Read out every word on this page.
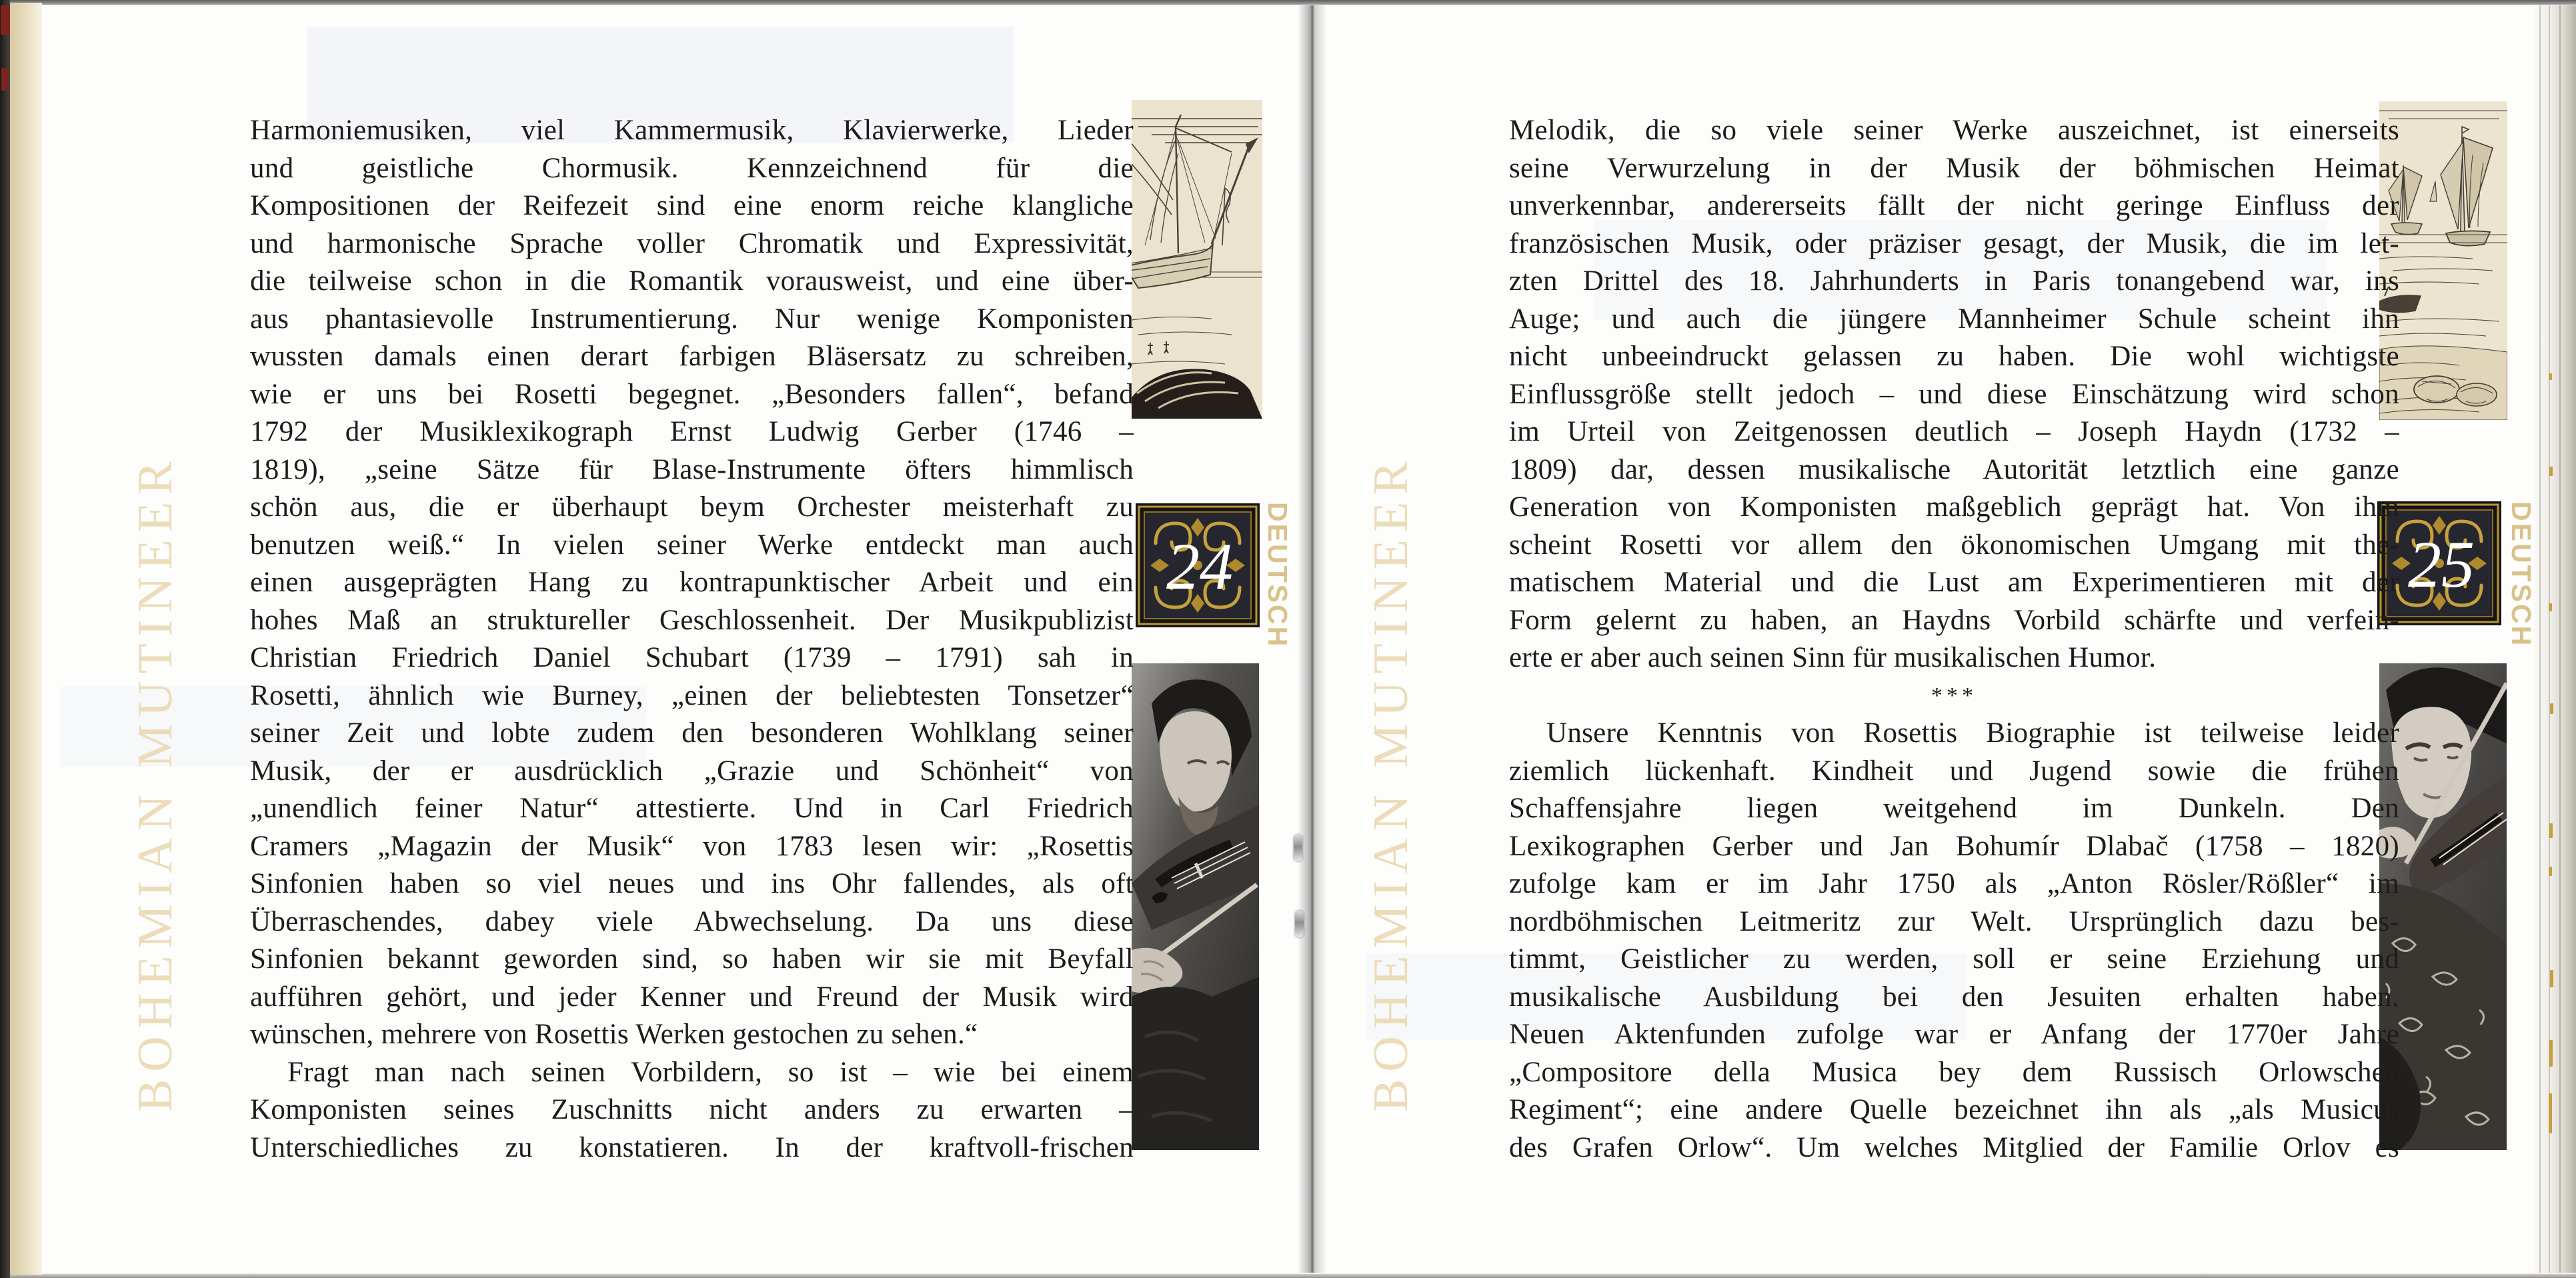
BOHEMIAN MUTINEER	BOHEMIAN MUTINEER
24 DEUTSCH	25 DEUTSCH
Harmoniemusiken, viel Kammermusik, Klavierwerke, Lieder
und geistliche Chormusik. Kennzeichnend für die
Kompositionen der Reifezeit sind eine enorm reiche klangliche
und harmonische Sprache voller Chromatik und Expressivität,
die teilweise schon in die Romantik vorausweist, und eine über-
aus phantasievolle Instrumentierung. Nur wenige Komponisten
wussten damals einen derart farbigen Bläsersatz zu schreiben,
wie er uns bei Rosetti begegnet. „Besonders fallen“, befand
1792 der Musiklexikograph Ernst Ludwig Gerber (1746 –
1819), „seine Sätze für Blase-Instrumente öfters himmlisch
schön aus, die er überhaupt beym Orchester meisterhaft zu
benutzen weiß.“ In vielen seiner Werke entdeckt man auch
einen ausgeprägten Hang zu kontrapunktischer Arbeit und ein
hohes Maß an struktureller Geschlossenheit. Der Musikpublizist
Christian Friedrich Daniel Schubart (1739 – 1791) sah in
Rosetti, ähnlich wie Burney, „einen der beliebtesten Tonsetzer“
seiner Zeit und lobte zudem den besonderen Wohlklang seiner
Musik, der er ausdrücklich „Grazie und Schönheit“ von
„unendlich feiner Natur“ attestierte. Und in Carl Friedrich
Cramers „Magazin der Musik“ von 1783 lesen wir: „Rosettis
Sinfonien haben so viel neues und ins Ohr fallendes, als oft
Überraschendes, dabey viele Abwechselung. Da uns diese
Sinfonien bekannt geworden sind, so haben wir sie mit Beyfall
aufführen gehört, und jeder Kenner und Freund der Musik wird
wünschen, mehrere von Rosettis Werken gestochen zu sehen.“
Fragt man nach seinen Vorbildern, so ist – wie bei einem
Komponisten seines Zuschnitts nicht anders zu erwarten –
Unterschiedliches zu konstatieren. In der kraftvoll-frischen
Melodik, die so viele seiner Werke auszeichnet, ist einerseits
seine Verwurzelung in der Musik der böhmischen Heimat
unverkennbar, andererseits fällt der nicht geringe Einfluss der
französischen Musik, oder präziser gesagt, der Musik, die im let-
zten Drittel des 18. Jahrhunderts in Paris tonangebend war, ins
Auge; und auch die jüngere Mannheimer Schule scheint ihn
nicht unbeeindruckt gelassen zu haben. Die wohl wichtigste
Einflussgröße stellt jedoch – und diese Einschätzung wird schon
im Urteil von Zeitgenossen deutlich – Joseph Haydn (1732 –
1809) dar, dessen musikalische Autorität letztlich eine ganze
Generation von Komponisten maßgeblich geprägt hat. Von ihm
scheint Rosetti vor allem den ökonomischen Umgang mit the-
matischem Material und die Lust am Experimentieren mit der
Form gelernt zu haben, an Haydns Vorbild schärfte und verfein-
erte er aber auch seinen Sinn für musikalischen Humor.
***
Unsere Kenntnis von Rosettis Biographie ist teilweise leider
ziemlich lückenhaft. Kindheit und Jugend sowie die frühen
Schaffensjahre liegen weitgehend im Dunkeln. Den
Lexikographen Gerber und Jan Bohumír Dlabač (1758 – 1820)
zufolge kam er im Jahr 1750 als „Anton Rösler/Rößler“ im
nordböhmischen Leitmeritz zur Welt. Ursprünglich dazu bes-
timmt, Geistlicher zu werden, soll er seine Erziehung und
musikalische Ausbildung bei den Jesuiten erhalten haben.
Neuen Aktenfunden zufolge war er Anfang der 1770er Jahre
„Compositore della Musica bey dem Russisch Orlowschen
Regiment“; eine andere Quelle bezeichnet ihn als „als Musicus
des Grafen Orlow“. Um welches Mitglied der Familie Orlov es
